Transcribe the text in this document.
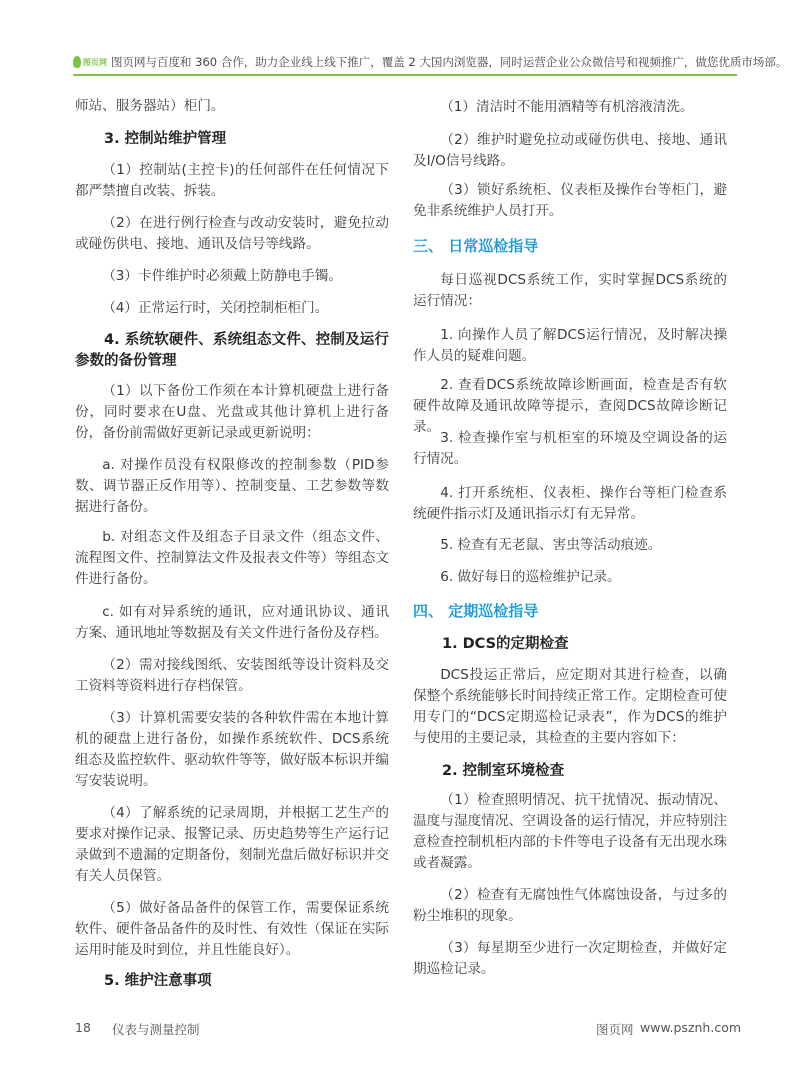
图页网 图页网与百度和 360 合作，助力企业线上线下推广，覆盖 2 大国内浏览器，同时运营企业公众微信号和视频推广，做您优质市场部。

师站、服务器站）柜门。

3. 控制站维护管理

（1）控制站(主控卡)的任何部件在任何情况下都严禁擅自改装、拆装。

（2）在进行例行检查与改动安装时，避免拉动或碰伤供电、接地、通讯及信号等线路。

（3）卡件维护时必须戴上防静电手镯。

（4）正常运行时，关闭控制柜柜门。

4. 系统软硬件、系统组态文件、控制及运行参数的备份管理

（1）以下备份工作须在本计算机硬盘上进行备份，同时要求在U盘、光盘或其他计算机上进行备份，备份前需做好更新记录或更新说明：

a. 对操作员没有权限修改的控制参数（PID参数、调节器正反作用等）、控制变量、工艺参数等数据进行备份。

b. 对组态文件及组态子目录文件（组态文件、流程图文件、控制算法文件及报表文件等）等组态文件进行备份。

c. 如有对异系统的通讯，应对通讯协议、通讯方案、通讯地址等数据及有关文件进行备份及存档。

（2）需对接线图纸、安装图纸等设计资料及交工资料等资料进行存档保管。

（3）计算机需要安装的各种软件需在本地计算机的硬盘上进行备份，如操作系统软件、DCS系统组态及监控软件、驱动软件等等，做好版本标识并编写安装说明。

（4）了解系统的记录周期，并根据工艺生产的要求对操作记录、报警记录、历史趋势等生产运行记录做到不遗漏的定期备份，刻制光盘后做好标识并交有关人员保管。

（5）做好备品备件的保管工作，需要保证系统软件、硬件备品备件的及时性、有效性（保证在实际运用时能及时到位，并且性能良好）。

5. 维护注意事项

（1）清洁时不能用酒精等有机溶液清洗。

（2）维护时避免拉动或碰伤供电、接地、通讯及I/O信号线路。

（3）锁好系统柜、仪表柜及操作台等柜门，避免非系统维护人员打开。

三、 日常巡检指导

每日巡视DCS系统工作，实时掌握DCS系统的运行情况：

1. 向操作人员了解DCS运行情况，及时解决操作人员的疑难问题。

2. 查看DCS系统故障诊断画面，检查是否有软硬件故障及通讯故障等提示，查阅DCS故障诊断记录。

3. 检查操作室与机柜室的环境及空调设备的运行情况。

4. 打开系统柜、仪表柜、操作台等柜门检查系统硬件指示灯及通讯指示灯有无异常。

5. 检查有无老鼠、害虫等活动痕迹。

6. 做好每日的巡检维护记录。

四、 定期巡检指导

1. DCS的定期检查

DCS投运正常后，应定期对其进行检查，以确保整个系统能够长时间持续正常工作。定期检查可使用专门的“DCS定期巡检记录表”，作为DCS的维护与使用的主要记录，其检查的主要内容如下：

2. 控制室环境检查

（1）检查照明情况、抗干扰情况、振动情况、温度与湿度情况、空调设备的运行情况，并应特别注意检查控制机柜内部的卡件等电子设备有无出现水珠或者凝露。

（2）检查有无腐蚀性气体腐蚀设备，与过多的粉尘堆积的现象。

（3）每星期至少进行一次定期检查，并做好定期巡检记录。

18 仪表与测量控制	图页网 www.psznh.com
